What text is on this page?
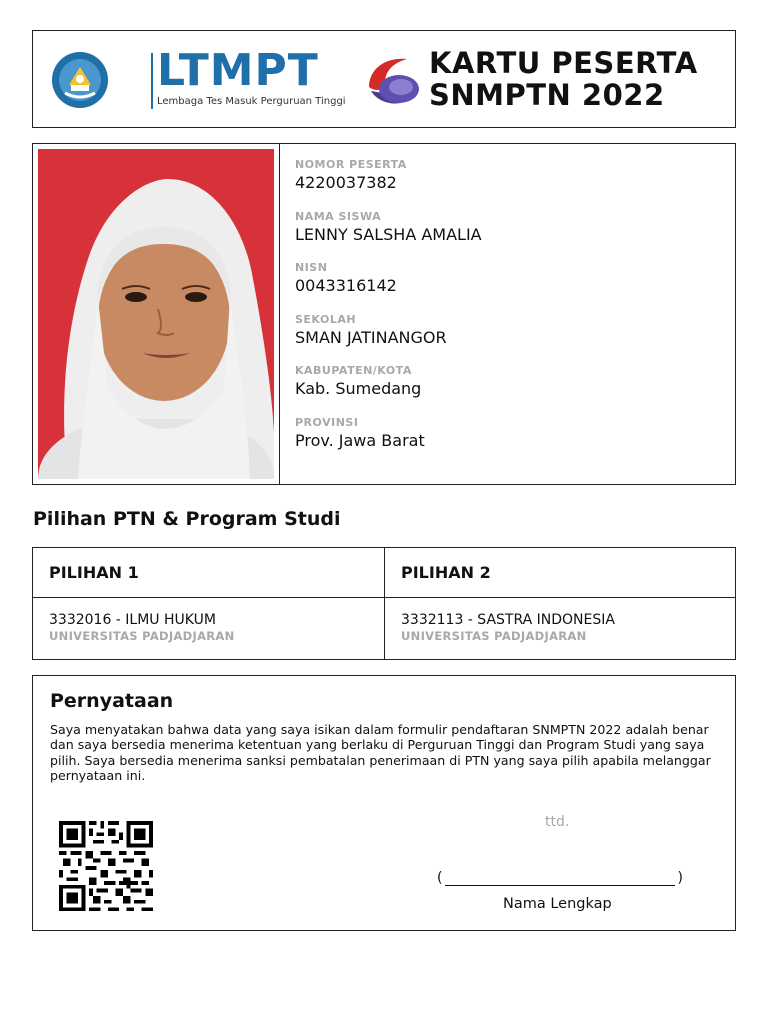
LTMPT
Lembaga Tes Masuk Perguruan Tinggi
KARTU PESERTA
SNMPTN 2022
NOMOR PESERTA
4220037382
NAMA SISWA
LENNY SALSHA AMALIA
NISN
0043316142
SEKOLAH
SMAN JATINANGOR
KABUPATEN/KOTA
Kab. Sumedang
PROVINSI
Prov. Jawa Barat
Pilihan PTN & Program Studi
PILIHAN 1
3332016 - ILMU HUKUM
UNIVERSITAS PADJADJARAN
PILIHAN 2
3332113 - SASTRA INDONESIA
UNIVERSITAS PADJADJARAN
Pernyataan
Saya menyatakan bahwa data yang saya isikan dalam formulir pendaftaran SNMPTN 2022 adalah benar dan saya bersedia menerima ketentuan yang berlaku di Perguruan Tinggi dan Program Studi yang saya pilih. Saya bersedia menerima sanksi pembatalan penerimaan di PTN yang saya pilih apabila melanggar pernyataan ini.
ttd.
(	)
Nama Lengkap
